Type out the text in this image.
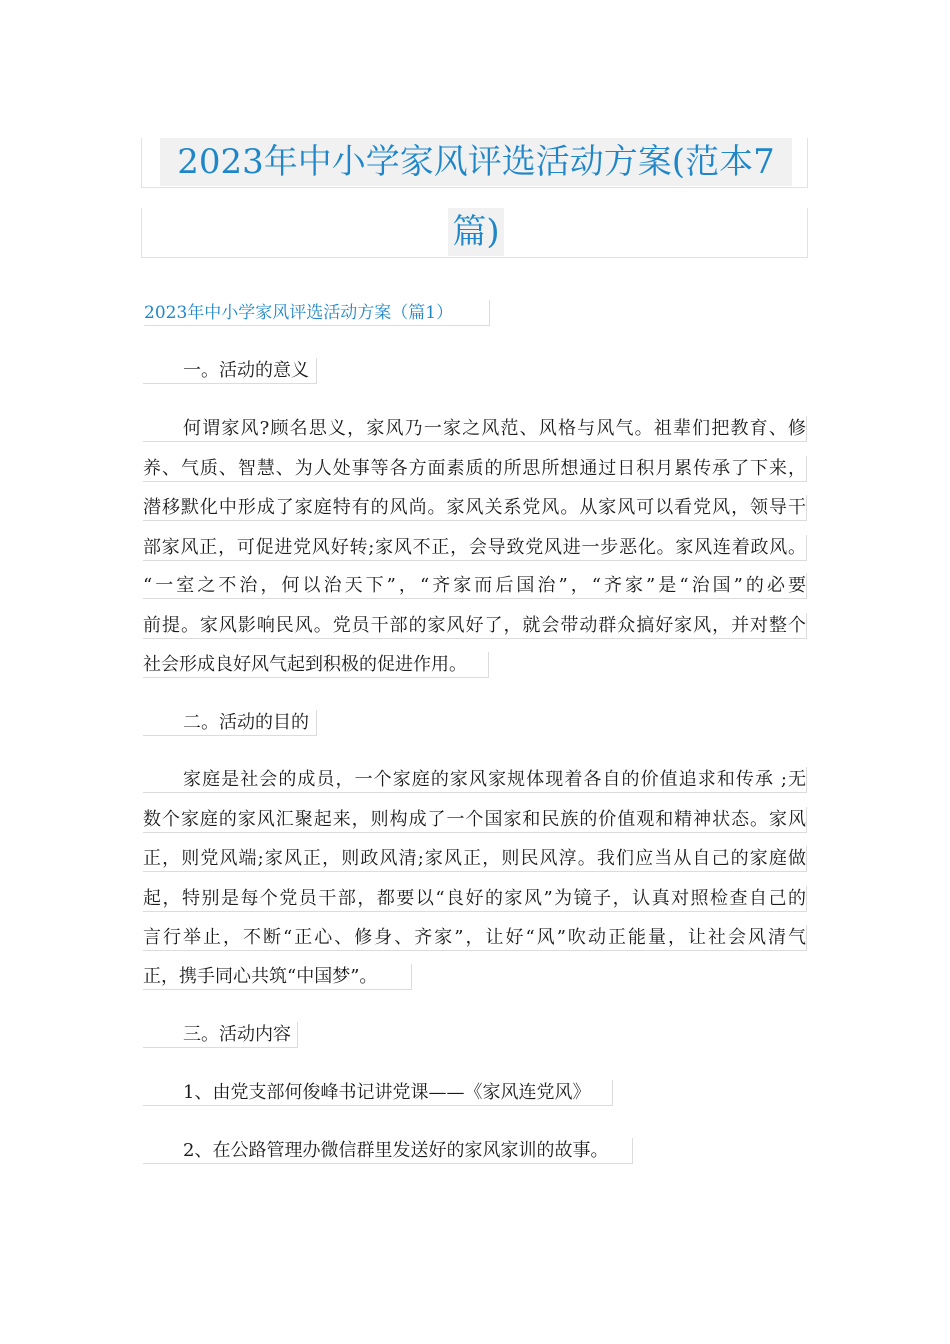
2023年中小学家风评选活动方案(范本7
篇)
2023年中小学家风评选活动方案（篇1）
一。活动的意义
何谓家风?顾名思义，家风乃一家之风范、风格与风气。祖辈们把教育、修
养、气质、智慧、为人处事等各方面素质的所思所想通过日积月累传承了下来，
潜移默化中形成了家庭特有的风尚。家风关系党风。从家风可以看党风，领导干
部家风正，可促进党风好转;家风不正，会导致党风进一步恶化。家风连着政风。
“一室之不治，何以治天下”，“齐家而后国治”，“齐家”是“治国”的必要
前提。家风影响民风。党员干部的家风好了，就会带动群众搞好家风，并对整个
社会形成良好风气起到积极的促进作用。
二。活动的目的
家庭是社会的成员，一个家庭的家风家规体现着各自的价值追求和传承 ;无
数个家庭的家风汇聚起来，则构成了一个国家和民族的价值观和精神状态。家风
正，则党风端;家风正，则政风清;家风正，则民风淳。我们应当从自己的家庭做
起，特别是每个党员干部，都要以“良好的家风”为镜子，认真对照检查自己的
言行举止，不断“正心、修身、齐家”，让好“风”吹动正能量，让社会风清气
正，携手同心共筑“中国梦”。
三。活动内容
1、由党支部何俊峰书记讲党课——《家风连党风》
2、在公路管理办微信群里发送好的家风家训的故事。
